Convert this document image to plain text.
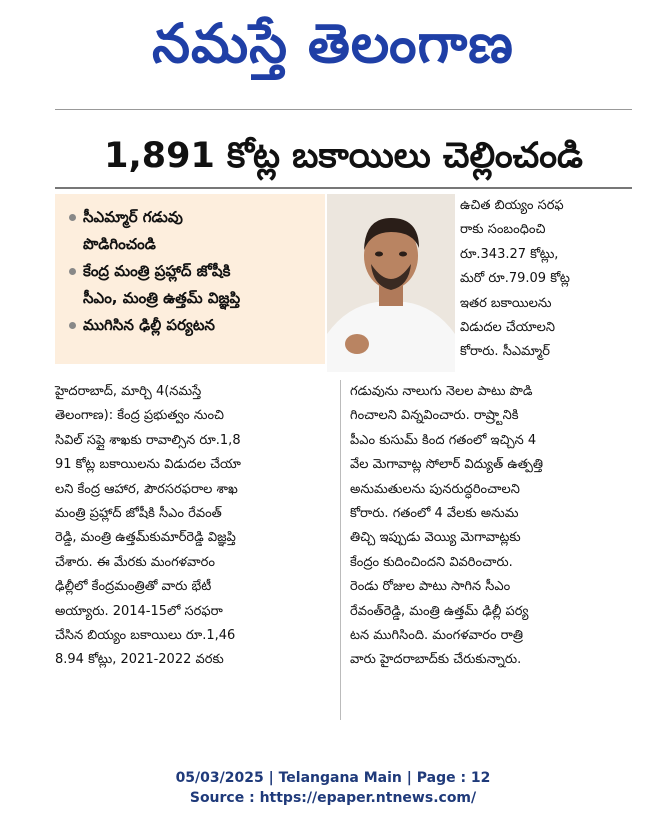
నమస్తే తెలంగాణ
1,891 కోట్ల బకాయిలు చెల్లించండి
సీఎమ్మార్ గడువు
పొడిగించండి
కేంద్ర మంత్రి ప్రహ్లాద్ జోషీకి
సీఎం, మంత్రి ఉత్తమ్ విజ్ఞప్తి
ముగిసిన ఢిల్లీ పర్యటన

ఉచిత బియ్యం సరఫ

రాకు సంబంధించి

రూ.343.27 కోట్లు,

మరో రూ.79.09 కోట్ల

ఇతర బకాయిలను

విడుదల చేయాలని

కోరారు. సీఎమ్మార్

హైదరాబాద్, మార్చి 4(నమస్తే

తెలంగాణ): కేంద్ర ప్రభుత్వం నుంచి

సివిల్ సప్లై శాఖకు రావాల్సిన రూ.1,8

91 కోట్ల బకాయిలను విడుదల చేయా

లని కేంద్ర ఆహార, పౌరసరఫరాల శాఖ

మంత్రి ప్రహ్లాద్ జోషీకి సీఎం రేవంత్

రెడ్డి, మంత్రి ఉత్తమ్‌కుమార్‌రెడ్డి విజ్ఞప్తి

చేశారు. ఈ మేరకు మంగళవారం

ఢిల్లీలో కేంద్రమంత్రితో వారు భేటీ

అయ్యారు. 2014-15లో సరఫరా

చేసిన బియ్యం బకాయిలు రూ.1,46

8.94 కోట్లు, 2021-2022 వరకు

గడువును నాలుగు నెలల పాటు పొడి

గించాలని విన్నవించారు. రాష్ర్టానికి

పీఎం కుసుమ్ కింద గతంలో ఇచ్చిన 4

వేల మెగావాట్ల సోలార్ విద్యుత్ ఉత్పత్తి

అనుమతులను పునరుద్ధరించాలని

కోరారు. గతంలో 4 వేలకు అనుమ

తిచ్చి ఇప్పుడు వెయ్యి మెగావాట్లకు

కేంద్రం కుదించిందని వివరించారు.

రెండు రోజుల పాటు సాగిన సీఎం

రేవంత్‌రెడ్డి, మంత్రి ఉత్తమ్ ఢిల్లీ పర్య

టన ముగిసింది. మంగళవారం రాత్రి

వారు హైదరాబాద్‌కు చేరుకున్నారు.

05/03/2025 | Telangana Main | Page : 12
Source : https://epaper.ntnews.com/
